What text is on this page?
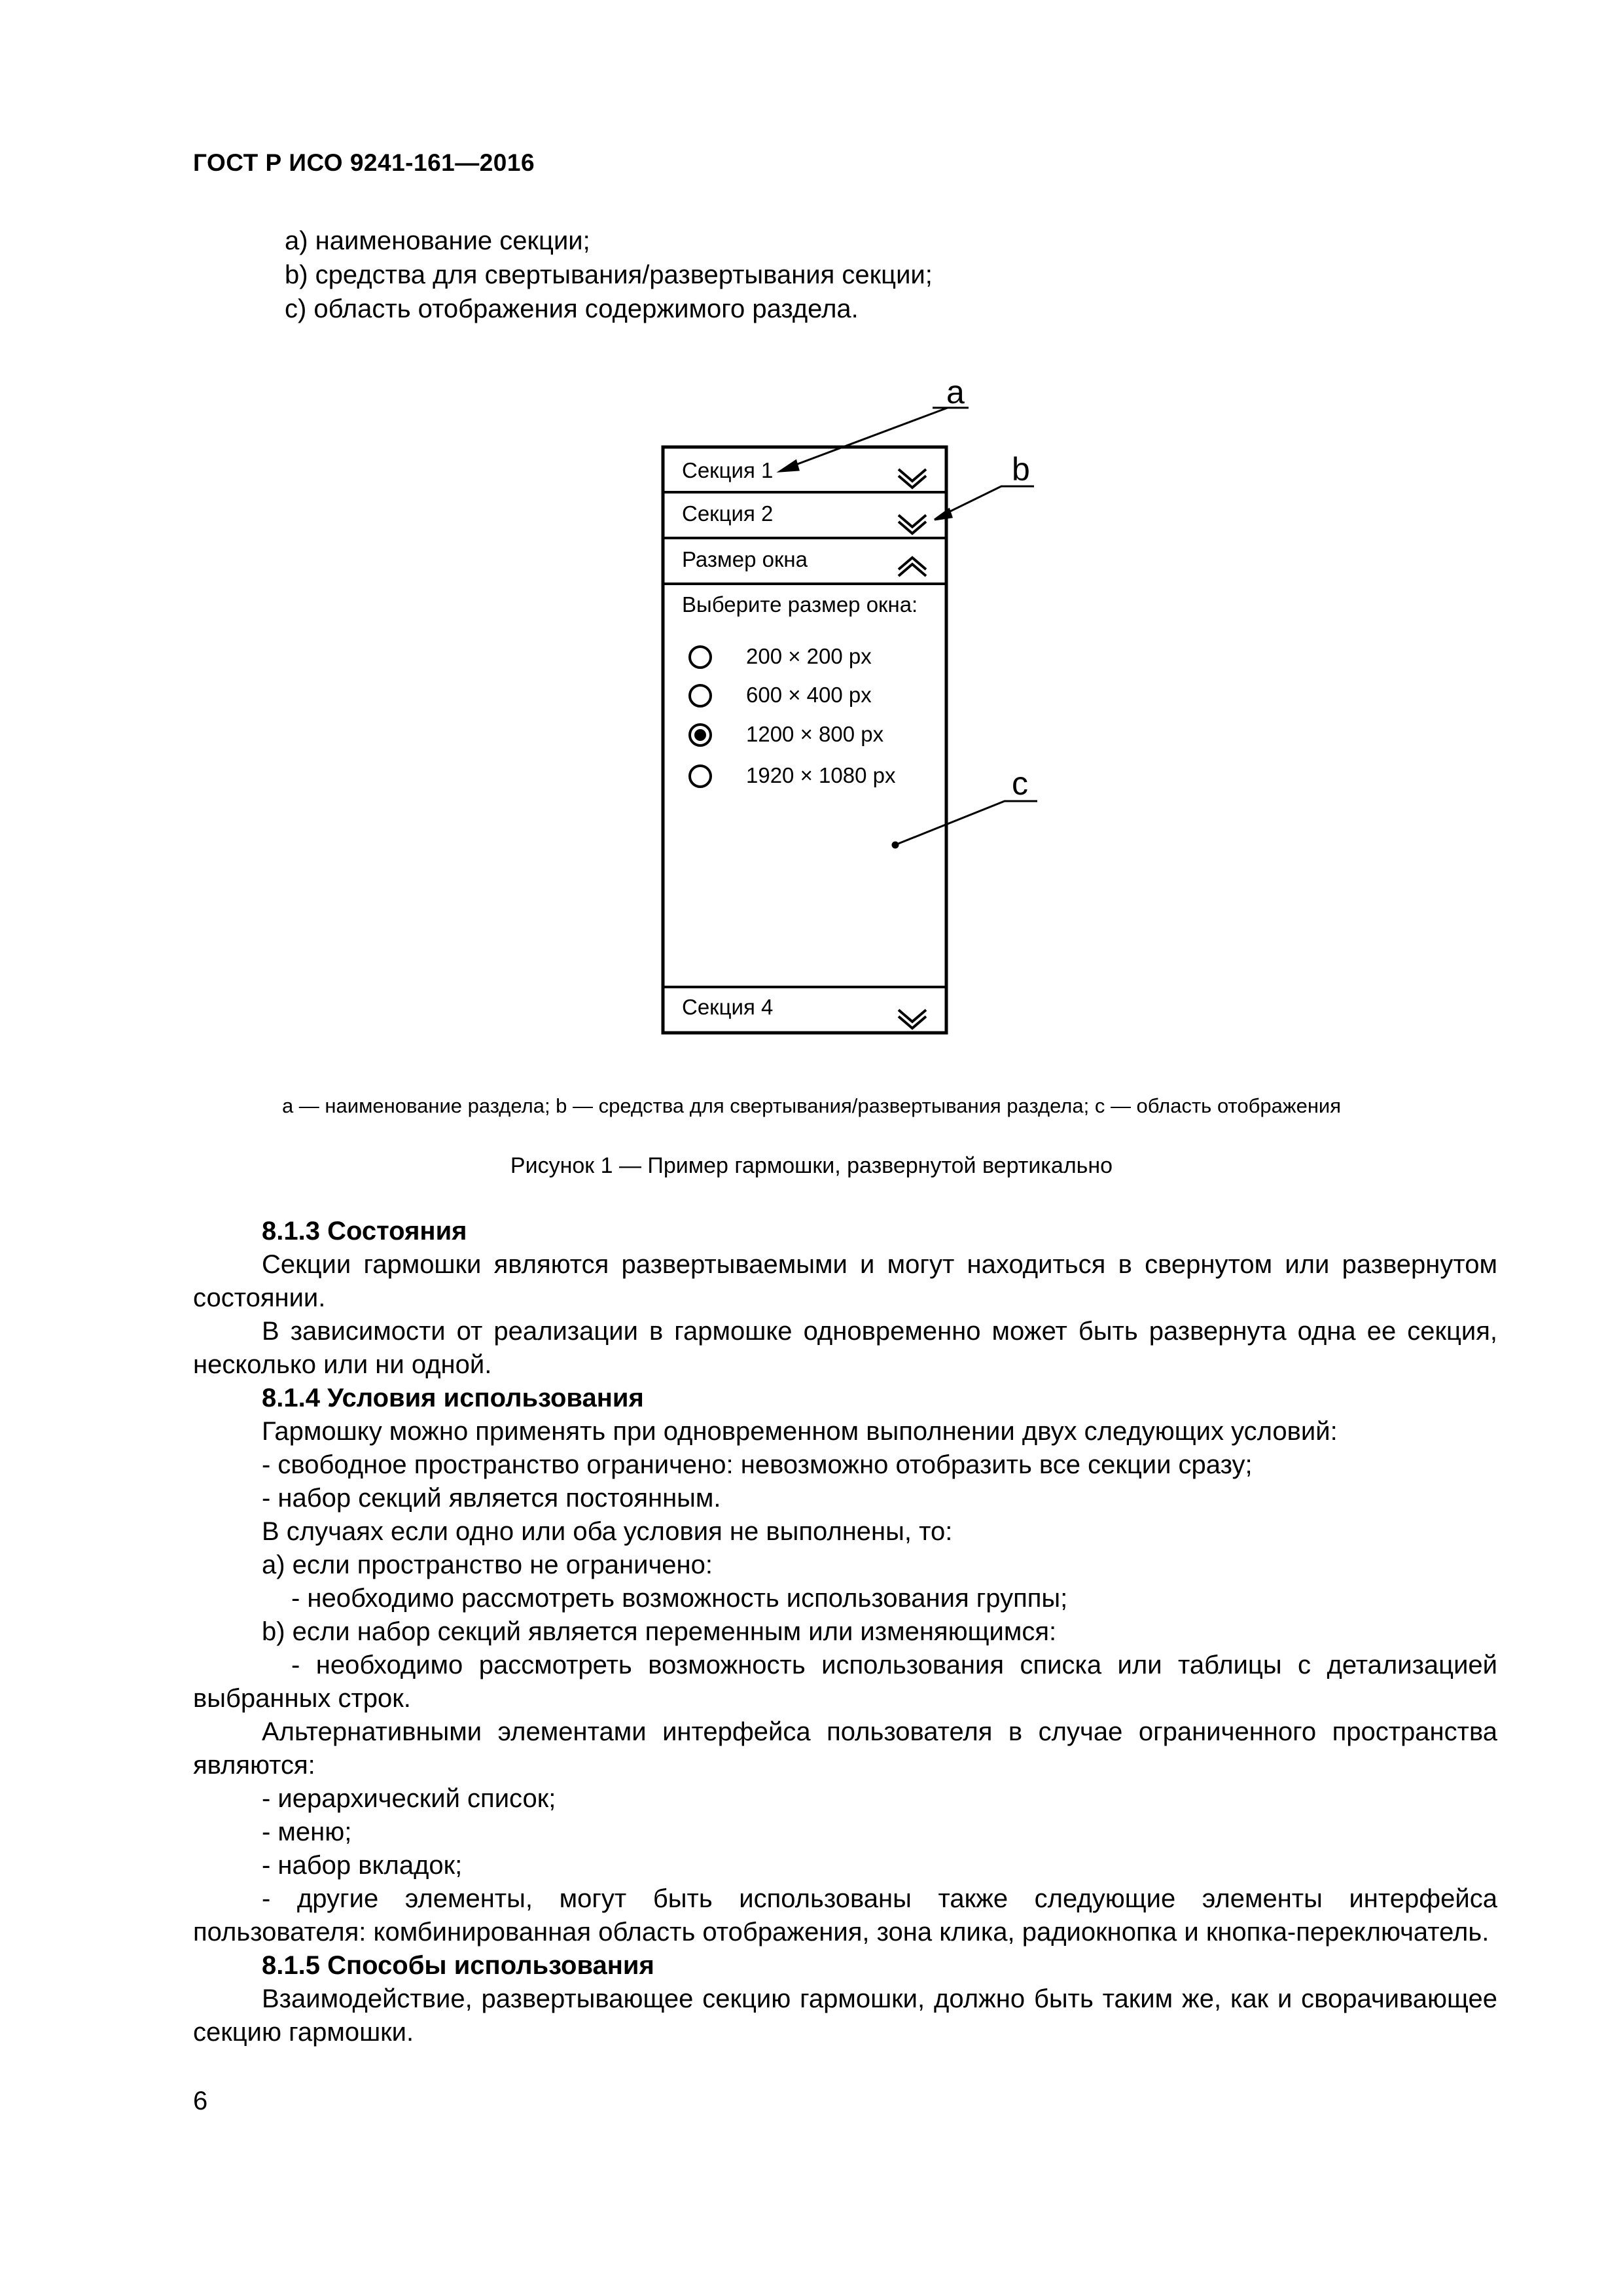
ГОСТ Р ИСО 9241-161—2016
a) наименование секции;
b) средства для свертывания/развертывания секции;
c) область отображения содержимого раздела.
Секция 1
Секция 2
Размер окна
Секция 4
Выберите размер окна:
200 × 200 px
600 × 400 px
1200 × 800 px
1920 × 1080 px
a
b
c
a — наименование раздела; b — средства для свертывания/развертывания раздела; c — область отображения
Рисунок 1 — Пример гармошки, развернутой вертикально

8.1.3 Состояния

Секции гармошки являются развертываемыми и могут находиться в свернутом или развернутом состоянии.

В зависимости от реализации в гармошке одновременно может быть развернута одна ее секция, несколько или ни одной.

8.1.4 Условия использования

Гармошку можно применять при одновременном выполнении двух следующих условий:

- свободное пространство ограничено: невозможно отобразить все секции сразу;

- набор секций является постоянным.

В случаях если одно или оба условия не выполнены, то:

a) если пространство не ограничено:

- необходимо рассмотреть возможность использования группы;

b) если набор секций является переменным или изменяющимся:

- необходимо рассмотреть возможность использования списка или таблицы с детализацией выбранных строк.

Альтернативными элементами интерфейса пользователя в случае ограниченного пространства являются:

- иерархический список;

- меню;

- набор вкладок;

- другие элементы, могут быть использованы также следующие элементы интерфейса пользователя: комбинированная область отображения, зона клика, радиокнопка и кнопка-переключатель.

8.1.5 Способы использования

Взаимодействие, развертывающее секцию гармошки, должно быть таким же, как и сворачивающее секцию гармошки.

6
